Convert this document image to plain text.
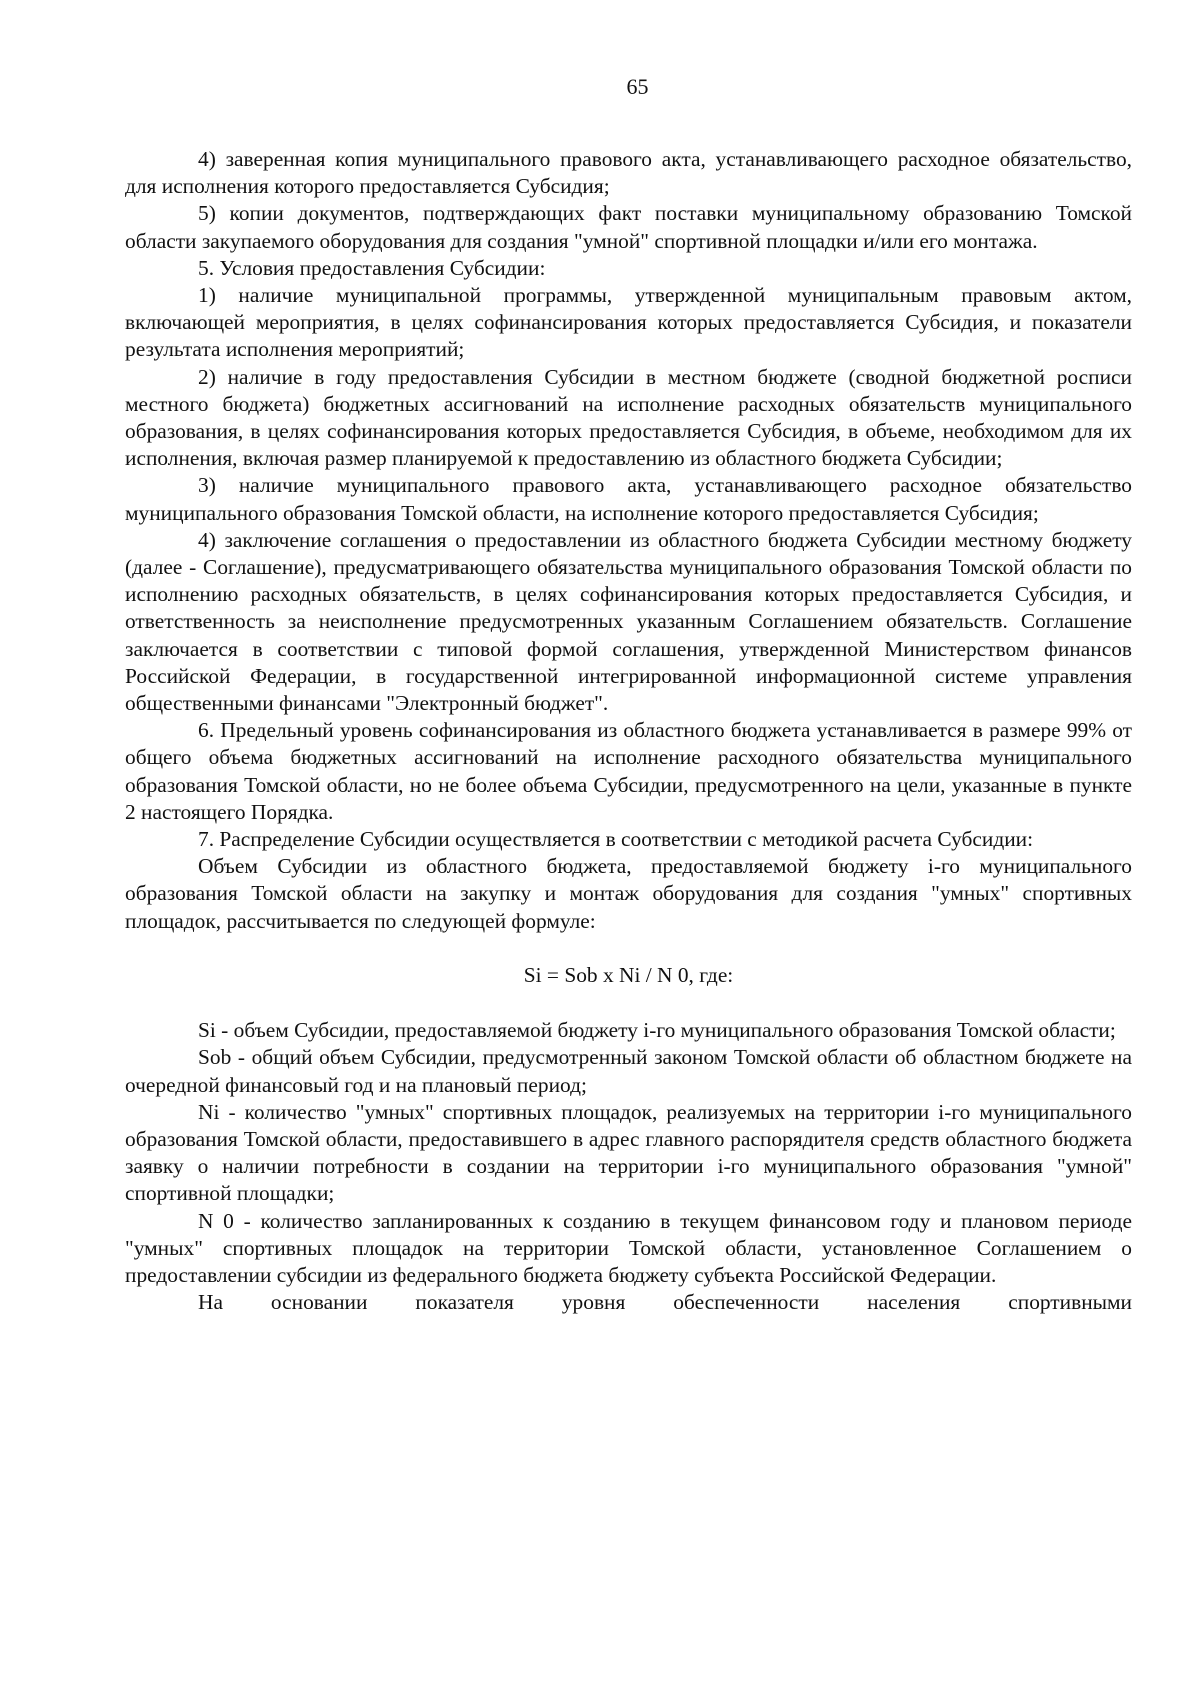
65

4) заверенная копия муниципального правового акта, устанавливающего расходное обязательство, для исполнения которого предоставляется Субсидия;

5) копии документов, подтверждающих факт поставки муниципальному образованию Томской области закупаемого оборудования для создания "умной" спортивной площадки и/или его монтажа.

5. Условия предоставления Субсидии:

1) наличие муниципальной программы, утвержденной муниципальным правовым актом, включающей мероприятия, в целях софинансирования которых предоставляется Субсидия, и показатели результата исполнения мероприятий;

2) наличие в году предоставления Субсидии в местном бюджете (сводной бюджетной росписи местного бюджета) бюджетных ассигнований на исполнение расходных обязательств муниципального образования, в целях софинансирования которых предоставляется Субсидия, в объеме, необходимом для их исполнения, включая размер планируемой к предоставлению из областного бюджета Субсидии;

3) наличие муниципального правового акта, устанавливающего расходное обязательство муниципального образования Томской области, на исполнение которого предоставляется Субсидия;

4) заключение соглашения о предоставлении из областного бюджета Субсидии местному бюджету (далее - Соглашение), предусматривающего обязательства муниципального образования Томской области по исполнению расходных обязательств, в целях софинансирования которых предоставляется Субсидия, и ответственность за неисполнение предусмотренных указанным Соглашением обязательств. Соглашение заключается в соответствии с типовой формой соглашения, утвержденной Министерством финансов Российской Федерации, в государственной интегрированной информационной системе управления общественными финансами "Электронный бюджет".

6. Предельный уровень софинансирования из областного бюджета устанавливается в размере 99% от общего объема бюджетных ассигнований на исполнение расходного обязательства муниципального образования Томской области, но не более объема Субсидии, предусмотренного на цели, указанные в пункте 2 настоящего Порядка.

7. Распределение Субсидии осуществляется в соответствии с методикой расчета Субсидии:

Объем Субсидии из областного бюджета, предоставляемой бюджету i-го муниципального образования Томской области на закупку и монтаж оборудования для создания "умных" спортивных площадок, рассчитывается по следующей формуле:

Si = Sob x Ni / N 0, где:

Si - объем Субсидии, предоставляемой бюджету i-го муниципального образования Томской области;

Sob - общий объем Субсидии, предусмотренный законом Томской области об областном бюджете на очередной финансовый год и на плановый период;

Ni - количество "умных" спортивных площадок, реализуемых на территории i-го муниципального образования Томской области, предоставившего в адрес главного распорядителя средств областного бюджета заявку о наличии потребности в создании на территории i-го муниципального образования "умной" спортивной площадки;

N 0 - количество запланированных к созданию в текущем финансовом году и плановом периоде "умных" спортивных площадок на территории Томской области, установленное Соглашением о предоставлении субсидии из федерального бюджета бюджету субъекта Российской Федерации.

На основании показателя уровня обеспеченности населения спортивными
